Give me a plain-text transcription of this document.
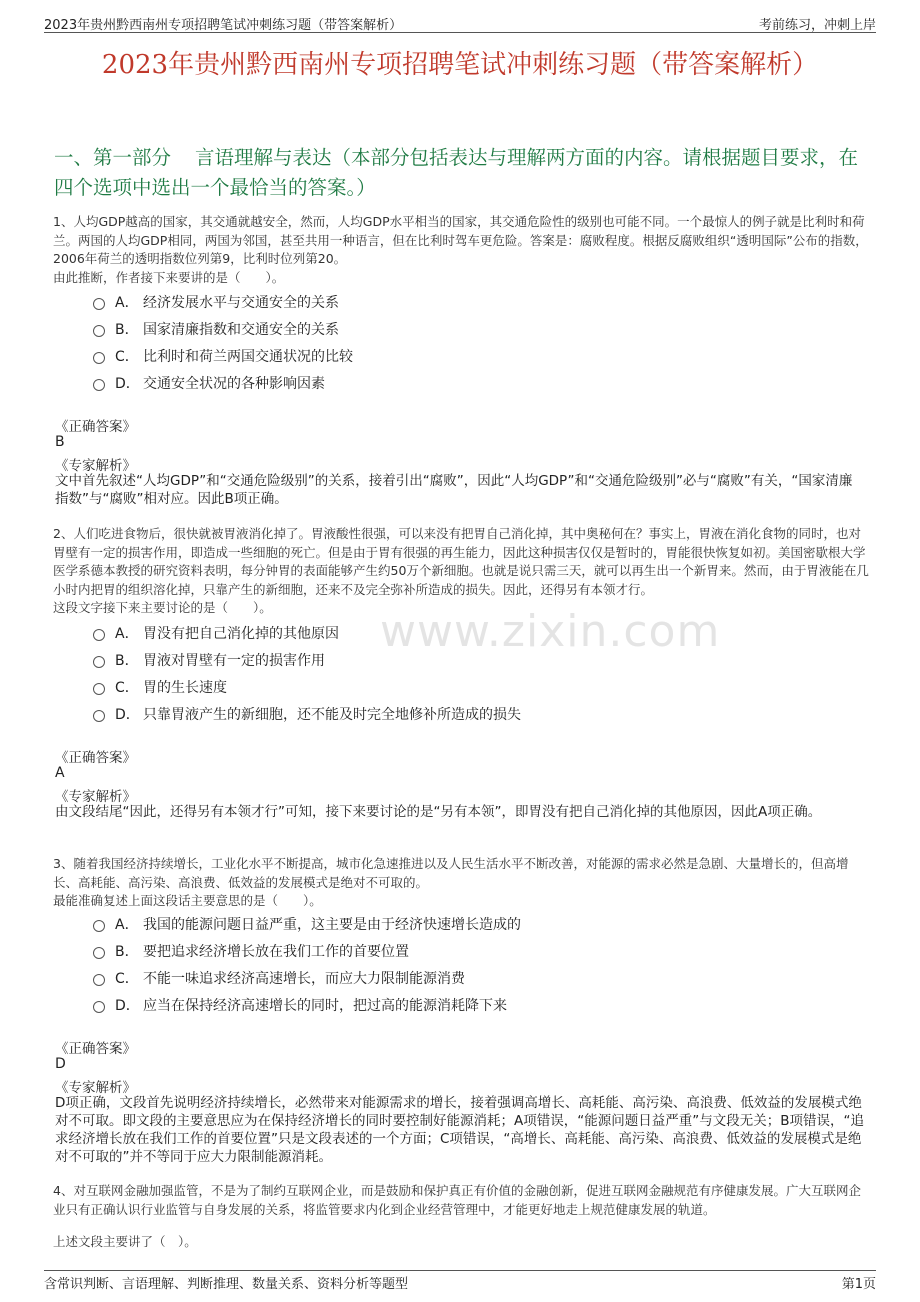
2023年贵州黔西南州专项招聘笔试冲刺练习题（带答案解析）	考前练习，冲刺上岸
2023年贵州黔西南州专项招聘笔试冲刺练习题（带答案解析）
一、第一部分 言语理解与表达（本部分包括表达与理解两方面的内容。请根据题目要求，在四个选项中选出一个最恰当的答案。）
www.zixin.com
1、人均GDP越高的国家，其交通就越安全，然而，人均GDP水平相当的国家，其交通危险性的级别也可能不同。一个最惊人的例子就是比利时和荷兰。两国的人均GDP相同，两国为邻国，甚至共用一种语言，但在比利时驾车更危险。答案是：腐败程度。根据反腐败组织“透明国际”公布的指数，2006年荷兰的透明指数位列第9，比利时位列第20。
由此推断，作者接下来要讲的是（　　）。
A． 经济发展水平与交通安全的关系
B． 国家清廉指数和交通安全的关系
C． 比利时和荷兰两国交通状况的比较
D． 交通安全状况的各种影响因素
《正确答案》
B
《专家解析》
文中首先叙述“人均GDP”和“交通危险级别”的关系，接着引出“腐败”，因此“人均GDP”和“交通危险级别”必与“腐败”有关，“国家清廉指数”与“腐败”相对应。因此B项正确。
2、人们吃进食物后，很快就被胃液消化掉了。胃液酸性很强，可以来没有把胃自己消化掉，其中奥秘何在？事实上，胃液在消化食物的同时，也对胃壁有一定的损害作用，即造成一些细胞的死亡。但是由于胃有很强的再生能力，因此这种损害仅仅是暂时的，胃能很快恢复如初。美国密歇根大学医学系德本教授的研究资料表明，每分钟胃的表面能够产生约50万个新细胞。也就是说只需三天，就可以再生出一个新胃来。然而，由于胃液能在几小时内把胃的组织溶化掉，只靠产生的新细胞，还来不及完全弥补所造成的损失。因此，还得另有本领才行。
这段文字接下来主要讨论的是（　　）。
A． 胃没有把自己消化掉的其他原因
B． 胃液对胃壁有一定的损害作用
C． 胃的生长速度
D． 只靠胃液产生的新细胞，还不能及时完全地修补所造成的损失
《正确答案》
A
《专家解析》
由文段结尾“因此，还得另有本领才行”可知，接下来要讨论的是“另有本领”，即胃没有把自己消化掉的其他原因，因此A项正确。
3、随着我国经济持续增长，工业化水平不断提高，城市化急速推进以及人民生活水平不断改善，对能源的需求必然是急剧、大量增长的，但高增长、高耗能、高污染、高浪费、低效益的发展模式是绝对不可取的。
最能准确复述上面这段话主要意思的是（　　）。
A． 我国的能源问题日益严重，这主要是由于经济快速增长造成的
B． 要把追求经济增长放在我们工作的首要位置
C． 不能一味追求经济高速增长，而应大力限制能源消费
D． 应当在保持经济高速增长的同时，把过高的能源消耗降下来
《正确答案》
D
《专家解析》
D项正确，文段首先说明经济持续增长，必然带来对能源需求的增长，接着强调高增长、高耗能、高污染、高浪费、低效益的发展模式绝对不可取。即文段的主要意思应为在保持经济增长的同时要控制好能源消耗；A项错误，“能源问题日益严重”与文段无关；B项错误，“追求经济增长放在我们工作的首要位置”只是文段表述的一个方面；C项错误，“高增长、高耗能、高污染、高浪费、低效益的发展模式是绝对不可取的”并不等同于应大力限制能源消耗。
4、对互联网金融加强监管，不是为了制约互联网企业，而是鼓励和保护真正有价值的金融创新，促进互联网金融规范有序健康发展。广大互联网企业只有正确认识行业监管与自身发展的关系，将监管要求内化到企业经营管理中，才能更好地走上规范健康发展的轨道。
上述文段主要讲了（　）。
含常识判断、言语理解、判断推理、数量关系、资料分析等题型	第1页
